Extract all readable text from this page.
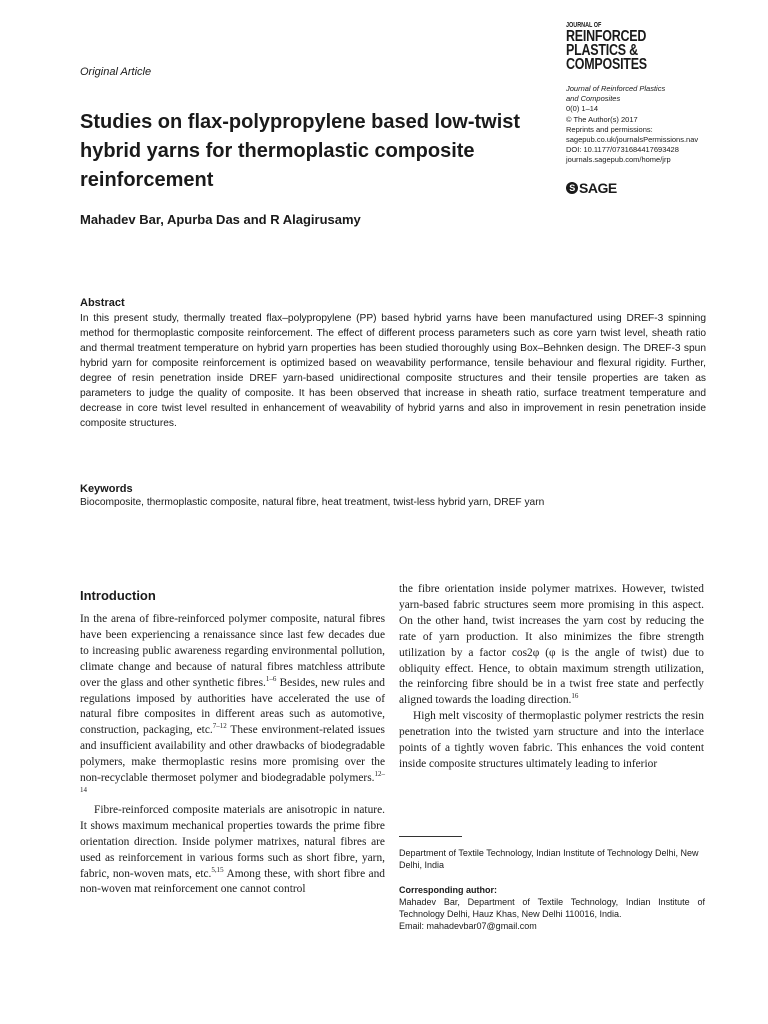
Original Article
JOURNAL OF
REINFORCED
PLASTICS &
COMPOSITES
Journal of Reinforced Plastics
and Composites
0(0) 1–14
© The Author(s) 2017
Reprints and permissions:
sagepub.co.uk/journalsPermissions.nav
DOI: 10.1177/0731684417693428
journals.sagepub.com/home/jrp
S SAGE
Studies on flax-polypropylene based low-twist hybrid yarns for thermoplastic composite reinforcement
Mahadev Bar, Apurba Das and R Alagirusamy
Abstract
In this present study, thermally treated flax–polypropylene (PP) based hybrid yarns have been manufactured using DREF-3 spinning method for thermoplastic composite reinforcement. The effect of different process parameters such as core yarn twist level, sheath ratio and thermal treatment temperature on hybrid yarn properties has been studied thoroughly using Box–Behnken design. The DREF-3 spun hybrid yarn for composite reinforcement is optimized based on weavability performance, tensile behaviour and flexural rigidity. Further, degree of resin penetration inside DREF yarn-based unidirectional composite structures and their tensile properties are taken as parameters to judge the quality of composite. It has been observed that increase in sheath ratio, surface treatment temperature and decrease in core twist level resulted in enhancement of weavability of hybrid yarns and also in improvement in resin penetration inside composite structures.
Keywords
Biocomposite, thermoplastic composite, natural fibre, heat treatment, twist-less hybrid yarn, DREF yarn
Introduction

In the arena of fibre-reinforced polymer composite, natural fibres have been experiencing a renaissance since last few decades due to increasing public awareness regarding environmental pollution, climate change and because of natural fibres matchless attribute over the glass and other synthetic fibres.$^{1-6}$ Besides, new rules and regulations imposed by authorities have accelerated the use of natural fibre composites in different areas such as automotive, construction, packaging, etc.$^{7-12}$ These environment-related issues and insufficient availability and other drawbacks of biodegradable polymers, make thermoplastic resins more promising over the non-recyclable thermoset polymer and biodegradable polymers.$^{12-14}$

Fibre-reinforced composite materials are anisotropic in nature. It shows maximum mechanical properties towards the prime fibre orientation direction. Inside polymer matrixes, natural fibres are used as reinforcement in various forms such as short fibre, yarn, fabric, non-woven mats, etc.$^{5,15}$ Among these, with short fibre and non-woven mat reinforcement one cannot control

the fibre orientation inside polymer matrixes. However, twisted yarn-based fabric structures seem more promising in this aspect. On the other hand, twist increases the yarn cost by reducing the rate of yarn production. It also minimizes the fibre strength utilization by a factor cos2φ (φ is the angle of twist) due to obliquity effect. Hence, to obtain maximum strength utilization, the reinforcing fibre should be in a twist free state and perfectly aligned towards the loading direction.$^{16}$

High melt viscosity of thermoplastic polymer restricts the resin penetration into the twisted yarn structure and into the interlace points of a tightly woven fabric. This enhances the void content inside composite structures ultimately leading to inferior

Department of Textile Technology, Indian Institute of Technology Delhi, New Delhi, India
Corresponding author:
Mahadev Bar, Department of Textile Technology, Indian Institute of Technology Delhi, Hauz Khas, New Delhi 110016, India.
Email: mahadevbar07@gmail.com
